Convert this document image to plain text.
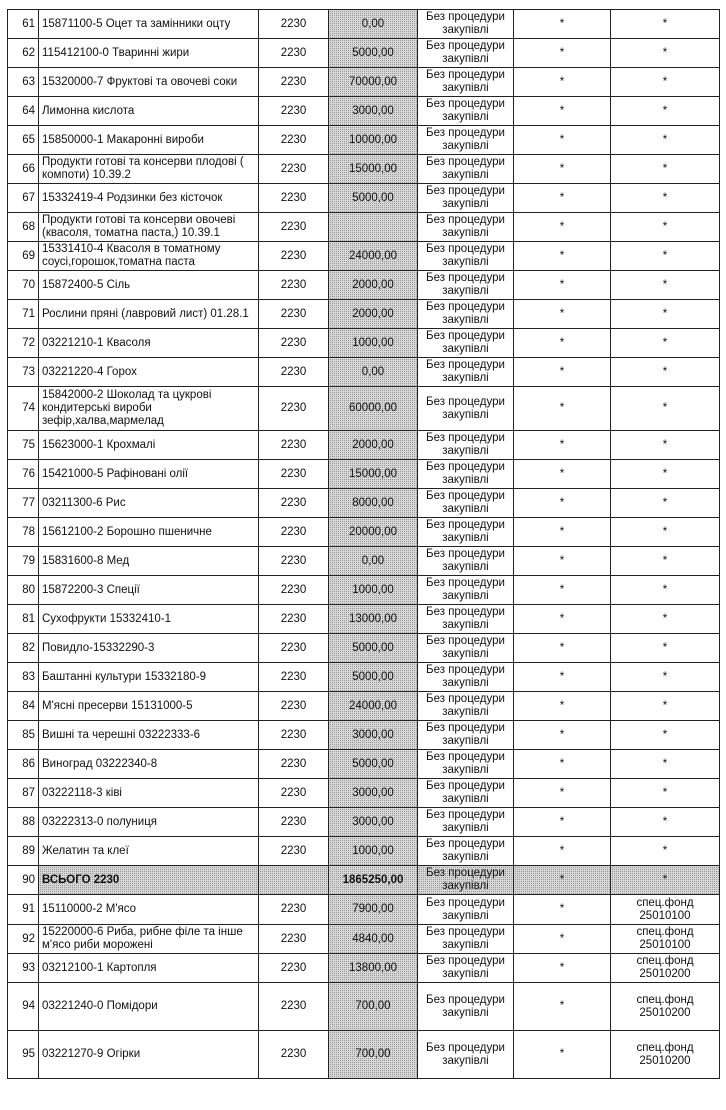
61	15871100-5 Оцет та замінники оцту	2230	0,00	Без процедури закупівлі	*	*
62	115412100-0 Тваринні жири	2230	5000,00	Без процедури закупівлі	*	*
63	15320000-7 Фруктові та овочеві соки	2230	70000,00	Без процедури закупівлі	*	*
64	Лимонна кислота	2230	3000,00	Без процедури закупівлі	*	*
65	15850000-1 Макаронні вироби	2230	10000,00	Без процедури закупівлі	*	*
66	Продукти готові та консерви плодові ( компоти) 10.39.2	2230	15000,00	Без процедури закупівлі	*	*
67	15332419-4 Родзинки без кісточок	2230	5000,00	Без процедури закупівлі	*	*
68	Продукти готові та консерви овочеві (квасоля, томатна паста,) 10.39.1	2230		Без процедури закупівлі	*	*
69	15331410-4 Квасоля в томатному соусі,горошок,томатна паста	2230	24000,00	Без процедури закупівлі	*	*
70	15872400-5 Сіль	2230	2000,00	Без процедури закупівлі	*	*
71	Рослини пряні (лавровий лист) 01.28.1	2230	2000,00	Без процедури закупівлі	*	*
72	03221210-1 Квасоля	2230	1000,00	Без процедури закупівлі	*	*
73	03221220-4 Горох	2230	0,00	Без процедури закупівлі	*	*
74	15842000-2 Шоколад та цукрові кондитерські вироби зефір,халва,мармелад	2230	60000,00	Без процедури закупівлі	*	*
75	15623000-1 Крохмалі	2230	2000,00	Без процедури закупівлі	*	*
76	15421000-5 Рафіновані олії	2230	15000,00	Без процедури закупівлі	*	*
77	03211300-6 Рис	2230	8000,00	Без процедури закупівлі	*	*
78	15612100-2 Борошно пшеничне	2230	20000,00	Без процедури закупівлі	*	*
79	15831600-8 Мед	2230	0,00	Без процедури закупівлі	*	*
80	15872200-3 Спеції	2230	1000,00	Без процедури закупівлі	*	*
81	Сухофрукти 15332410-1	2230	13000,00	Без процедури закупівлі	*	*
82	Повидло-15332290-3	2230	5000,00	Без процедури закупівлі	*	*
83	Баштанні культури 15332180-9	2230	5000,00	Без процедури закупівлі	*	*
84	М'ясні пресерви 15131000-5	2230	24000,00	Без процедури закупівлі	*	*
85	Вишні та черешні 03222333-6	2230	3000,00	Без процедури закупівлі	*	*
86	Виноград 03222340-8	2230	5000,00	Без процедури закупівлі	*	*
87	03222118-3 ківі	2230	3000,00	Без процедури закупівлі	*	*
88	03222313-0 полуниця	2230	3000,00	Без процедури закупівлі	*	*
89	Желатин та клеї	2230	1000,00	Без процедури закупівлі	*	*
90	ВСЬОГО 2230		1865250,00	Без процедури закупівлі	*	*
91	15110000-2 М'ясо	2230	7900,00	Без процедури закупівлі	*	спец.фонд 25010100
92	15220000-6 Риба, рибне філе та інше м'ясо риби морожені	2230	4840,00	Без процедури закупівлі	*	спец.фонд 25010100
93	03212100-1 Картопля	2230	13800,00	Без процедури закупівлі	*	спец.фонд 25010200
94	03221240-0 Помідори	2230	700,00	Без процедури закупівлі	*	спец.фонд 25010200
95	03221270-9 Огірки	2230	700,00	Без процедури закупівлі	*	спец.фонд 25010200
